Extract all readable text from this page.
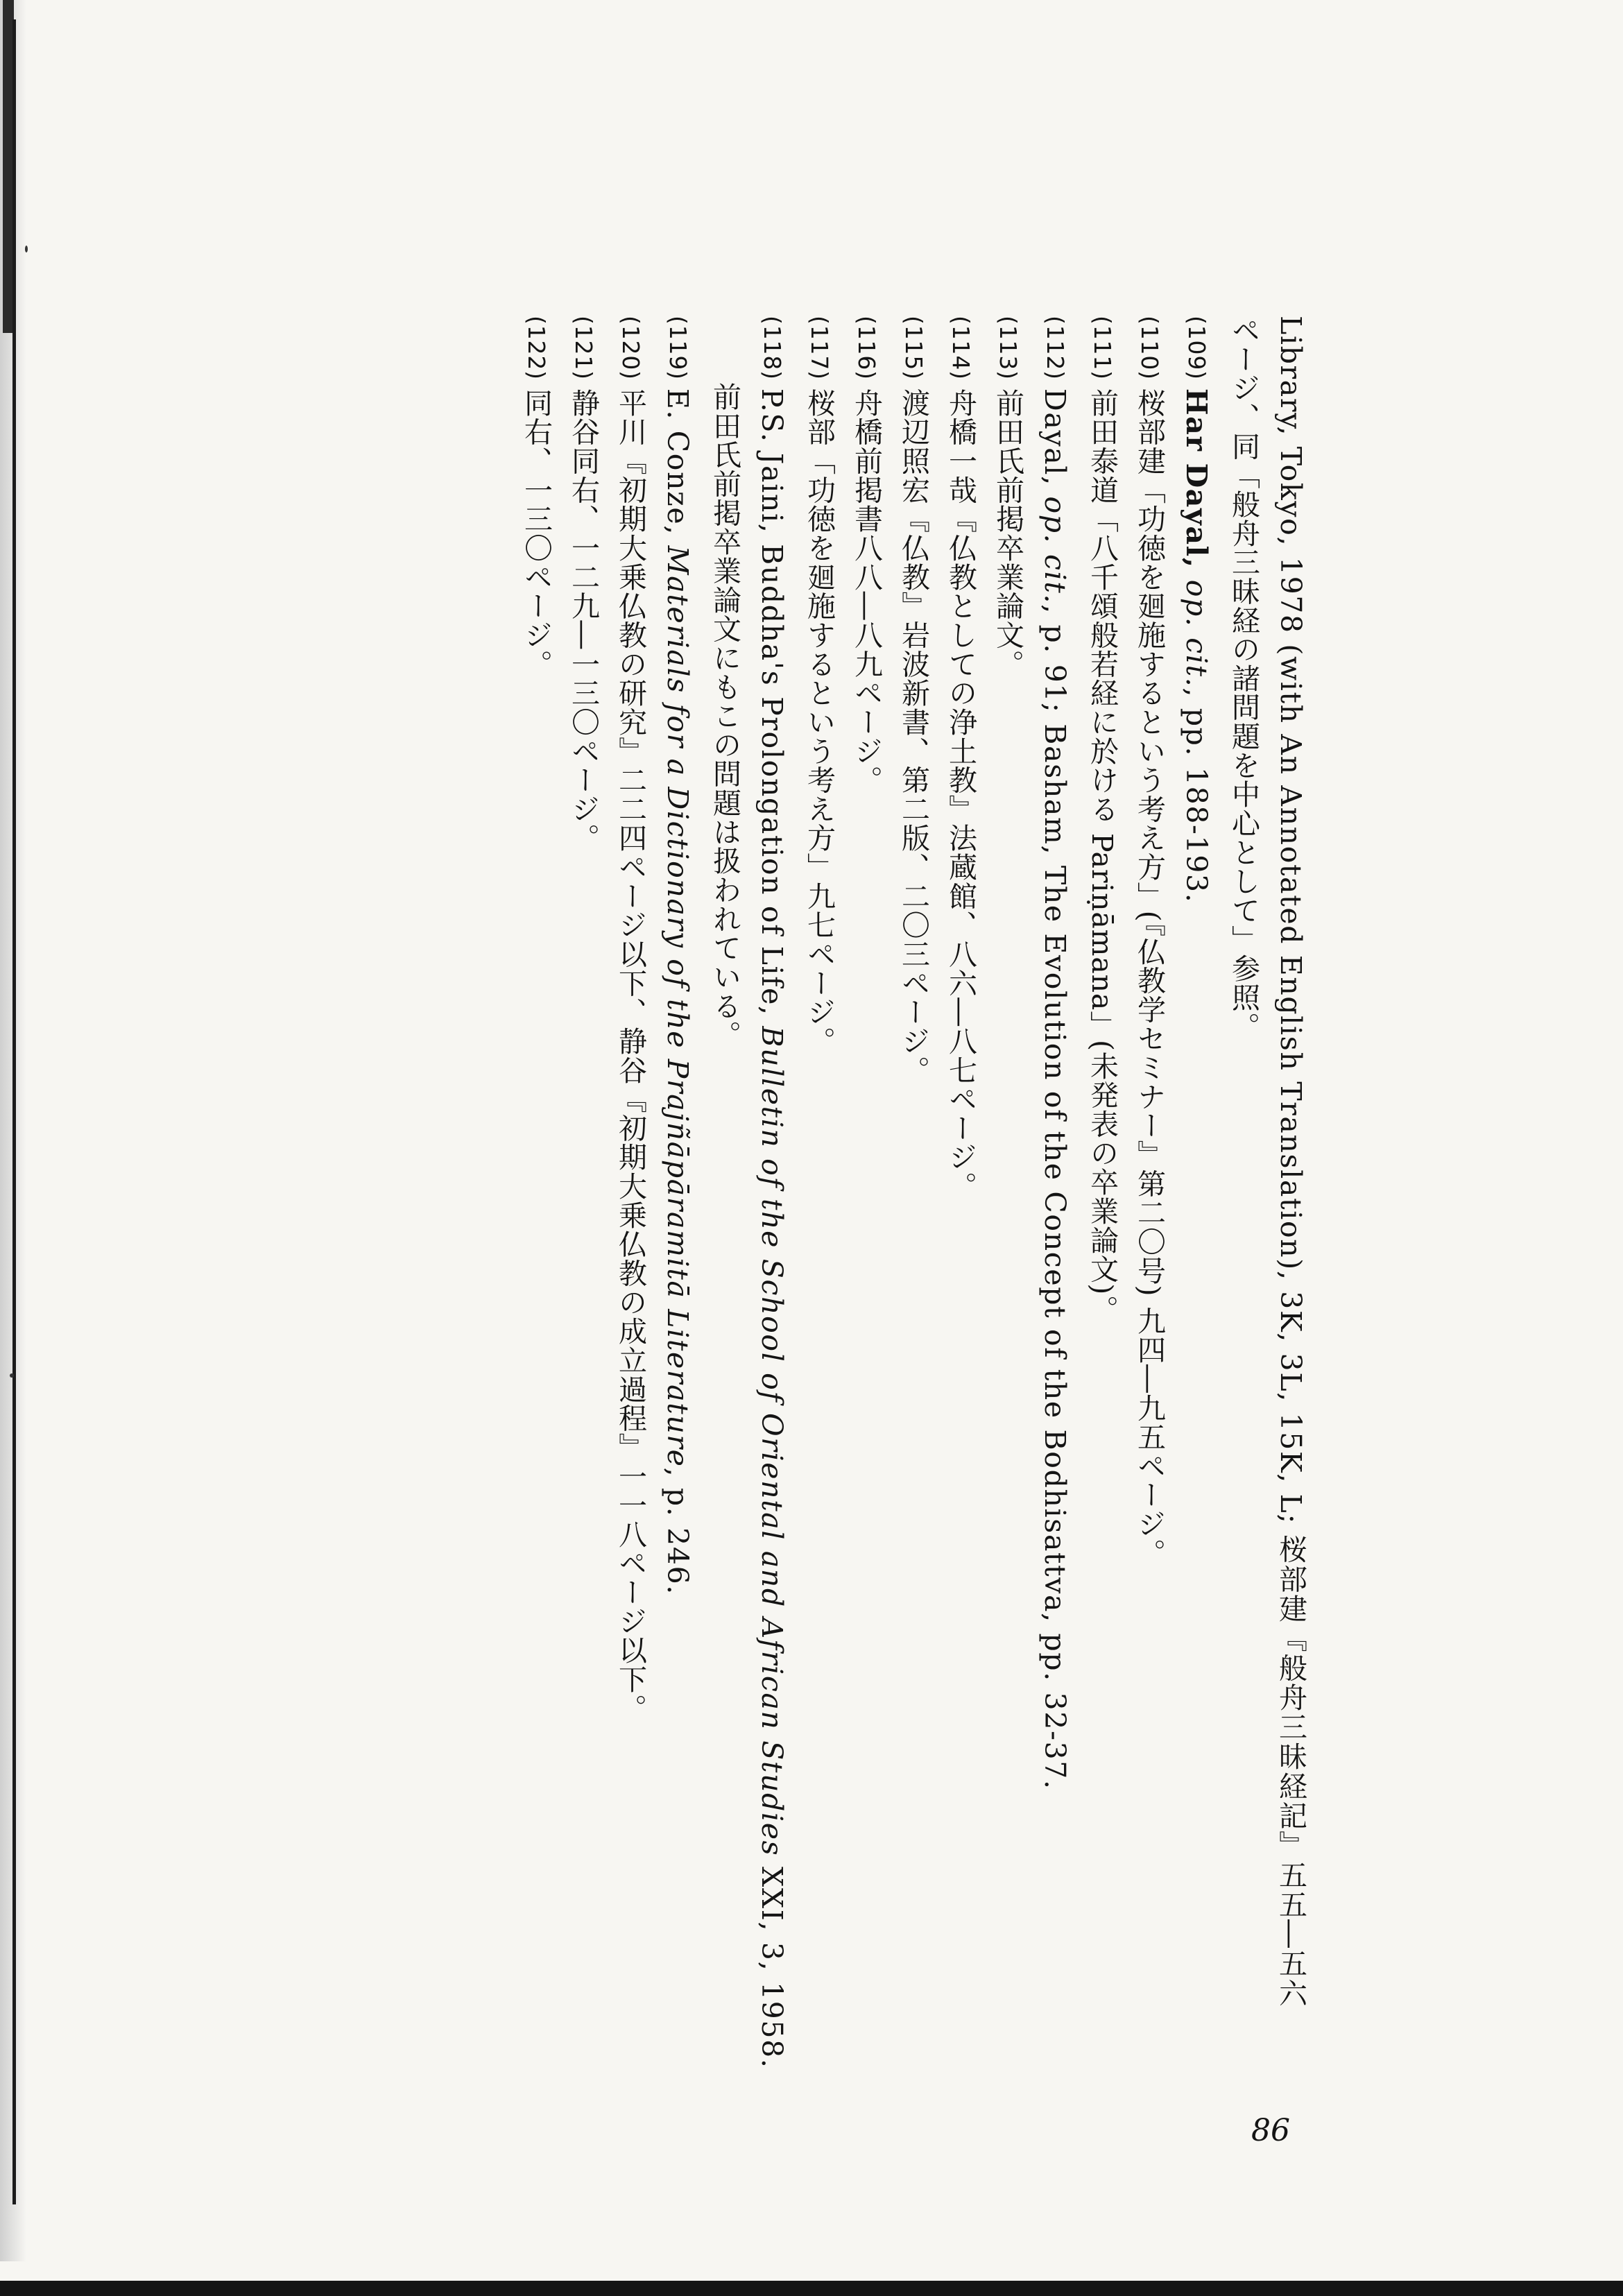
Library, Tokyo, 1978 (with An Annotated English Translation), 3K, 3L, 15K, L; 桜部建『般舟三昧経記』五五―五六
ページ、同「般舟三昧経の諸問題を中心として」参照。
(109)Har Dayal, op. cit., pp. 188-193.
(110)桜部建「功徳を廻施するという考え方」(『仏教学セミナー』第二〇号) 九四―九五ページ。
(111)前田泰道「八千頌般若経に於ける Pariṇāmana」(未発表の卒業論文)。
(112)Dayal, op. cit., p. 91; Basham, The Evolution of the Concept of the Bodhisattva, pp. 32-37.
(113)前田氏前掲卒業論文。
(114)舟橋一哉『仏教としての浄土教』法蔵館、八六―八七ページ。
(115)渡辺照宏『仏教』岩波新書、第二版、二〇三ページ。
(116)舟橋前掲書八八―八九ページ。
(117)桜部「功徳を廻施するという考え方」九七ページ。
(118)P.S. Jaini, Buddha's Prolongation of Life, Bulletin of the School of Oriental and African Studies XXI, 3, 1958.
前田氏前掲卒業論文にもこの問題は扱われている。
(119)E. Conze, Materials for a Dictionary of the Prajñāpāramitā Literature, p. 246.
(120)平川『初期大乗仏教の研究』二二四ページ以下、静谷『初期大乗仏教の成立過程』一一八ページ以下。
(121)静谷同右、一二九―一三〇ページ。
(122)同右、一三〇ページ。
86
